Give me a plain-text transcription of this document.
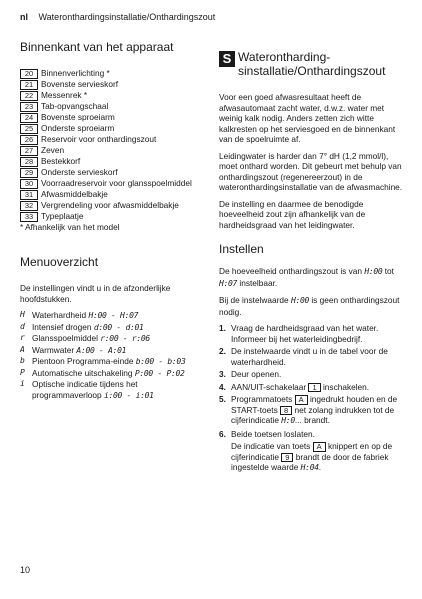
nl Wateronthardingsinstallatie/Onthardingszout
Binnenkant van het apparaat
20 Binnenverlichting *
21 Bovenste servieskorf
22 Messenrek *
23 Tab-opvangschaal
24 Bovenste sproeiarm
25 Onderste sproeiarm
26 Reservoir voor onthardingszout
27 Zeven
28 Bestekkorf
29 Onderste servieskorf
30 Voorraadreservoir voor glansspoelmiddel
31 Afwasmiddelbakje
32 Vergrendeling voor afwasmiddelbakje
33 Typeplaatje
* Afhankelijk van het model
Menuoverzicht

De instellingen vindt u in de afzonderlijke hoofdstukken.

H Waterhardheid H:00 - H:07
d Intensief drogen d:00 - d:01
r Glansspoelmiddel r:00 - r:06
A Warmwater A:00 - A:01
b Pientoon Programma-einde b:00 - b:03
P Automatische uitschakeling P:00 - P:02
i Optische indicatie tijdens het programmaverloop i:00 - i:01
S Wateronthardingsinstallatie/Onthardingszout

Voor een goed afwasresultaat heeft de afwasautomaat zacht water, d.w.z. water met weinig kalk nodig. Anders zetten zich witte kalkresten op het serviesgoed en de binnenkant van de spoelruimte af.

Leidingwater is harder dan 7° dH (1,2 mmol/l), moet onthard worden. Dit gebeurt met behulp van onthardingszout (regenereerzout) in de wateronthardingsinstallatie van de afwasmachine.

De instelling en daarmee de benodigde hoeveelheid zout zijn afhankelijk van de hardheidsgraad van het leidingwater.

Instellen

De hoeveelheid onthardingszout is van H:00 tot H:07 instelbaar.

Bij de instelwaarde H:00 is geen onthardingszout nodig.

1. Vraag de hardheidsgraad van het water. Informeer bij het waterleidingbedrijf.
2. De instelwaarde vindt u in de tabel voor de waterhardheid.
3. Deur openen.
4. AAN/UIT-schakelaar 1 inschakelen.
5. Programmatoets A ingedrukt houden en de START-toets 8 net zolang indrukken tot de cijferindicatie H:0... brandt.
6. Beide toetsen loslaten.
De indicatie van toets A knippert en op de cijferindicatie 9 brandt de door de fabriek ingestelde waarde H:04.
10
